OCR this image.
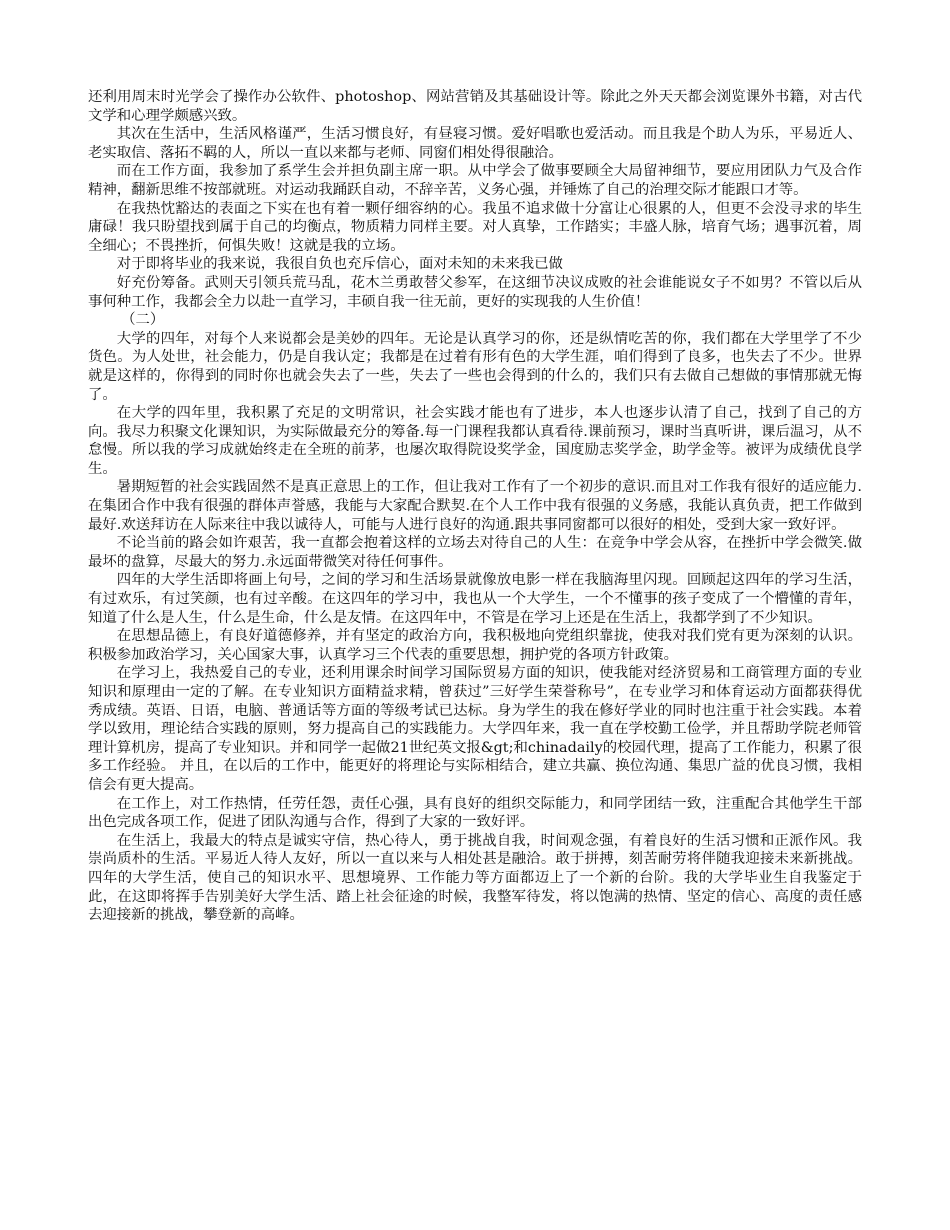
还利用周末时光学会了操作办公软件、photoshop、网站营销及其基础设计等。除此之外天天都会浏览课外书籍，对古代文学和心理学颇感兴致。

其次在生活中，生活风格谨严，生活习惯良好，有昼寝习惯。爱好唱歌也爱活动。而且我是个助人为乐，平易近人、老实取信、落拓不羁的人，所以一直以来都与老师、同窗们相处得很融洽。

而在工作方面，我参加了系学生会并担负副主席一职。从中学会了做事要顾全大局留神细节，要应用团队力气及合作精神，翻新思维不按部就班。对运动我踊跃自动，不辞辛苦，义务心强，并锤炼了自己的治理交际才能跟口才等。

在我热忱豁达的表面之下实在也有着一颗仔细容纳的心。我虽不追求做十分富让心很累的人，但更不会没寻求的毕生庸碌！我只盼望找到属于自己的均衡点，物质精力同样主要。对人真挚，工作踏实；丰盛人脉，培育气场；遇事沉着，周全细心；不畏挫折，何惧失败！这就是我的立场。

对于即将毕业的我来说，我很自负也充斥信心，面对未知的未来我已做

好充份筹备。武则天引领兵荒马乱，花木兰勇敢替父参军，在这细节决议成败的社会谁能说女子不如男？不管以后从事何种工作，我都会全力以赴一直学习，丰硕自我一往无前，更好的实现我的人生价值！

（二）

大学的四年，对每个人来说都会是美妙的四年。无论是认真学习的你，还是纵情吃苦的你，我们都在大学里学了不少货色。为人处世，社会能力，仍是自我认定；我都是在过着有形有色的大学生涯，咱们得到了良多，也失去了不少。世界就是这样的，你得到的同时你也就会失去了一些，失去了一些也会得到的什么的，我们只有去做自己想做的事情那就无悔了。

在大学的四年里，我积累了充足的文明常识，社会实践才能也有了进步，本人也逐步认清了自己，找到了自己的方向。我尽力积聚文化课知识，为实际做最充分的筹备.每一门课程我都认真看待.课前预习，课时当真听讲，课后温习，从不怠慢。所以我的学习成就始终走在全班的前茅，也屡次取得院设奖学金，国度励志奖学金，助学金等。被评为成绩优良学生。

暑期短暂的社会实践固然不是真正意思上的工作，但让我对工作有了一个初步的意识.而且对工作我有很好的适应能力.在集团合作中我有很强的群体声誉感，我能与大家配合默契.在个人工作中我有很强的义务感，我能认真负责，把工作做到最好.欢送拜访在人际来往中我以诚待人，可能与人进行良好的沟通.跟共事同窗都可以很好的相处，受到大家一致好评。

不论当前的路会如许艰苦，我一直都会抱着这样的立场去对待自己的人生：在竞争中学会从容，在挫折中学会微笑.做最坏的盘算，尽最大的努力.永远面带微笑对待任何事件。

四年的大学生活即将画上句号，之间的学习和生活场景就像放电影一样在我脑海里闪现。回顾起这四年的学习生活，有过欢乐，有过笑颜，也有过辛酸。在这四年的学习中，我也从一个大学生，一个不懂事的孩子变成了一个懵懂的青年，知道了什么是人生，什么是生命，什么是友情。在这四年中，不管是在学习上还是在生活上，我都学到了不少知识。

在思想品德上，有良好道德修养，并有坚定的政治方向，我积极地向党组织靠拢，使我对我们党有更为深刻的认识。积极参加政治学习，关心国家大事，认真学习三个代表的重要思想，拥护党的各项方针政策。

在学习上，我热爱自己的专业，还利用课余时间学习国际贸易方面的知识，使我能对经济贸易和工商管理方面的专业知识和原理由一定的了解。在专业知识方面精益求精，曾获过”三好学生荣誉称号”，在专业学习和体育运动方面都获得优秀成绩。英语、日语，电脑、普通话等方面的等级考试已达标。身为学生的我在修好学业的同时也注重于社会实践。本着学以致用，理论结合实践的原则，努力提高自己的实践能力。大学四年来，我一直在学校勤工俭学，并且帮助学院老师管理计算机房，提高了专业知识。并和同学一起做21世纪英文报&gt;和chinadaily的校园代理，提高了工作能力，积累了很多工作经验。 并且，在以后的工作中，能更好的将理论与实际相结合，建立共赢、换位沟通、集思广益的优良习惯，我相信会有更大提高。

在工作上，对工作热情，任劳任怨，责任心强，具有良好的组织交际能力，和同学团结一致，注重配合其他学生干部出色完成各项工作，促进了团队沟通与合作，得到了大家的一致好评。

在生活上，我最大的特点是诚实守信，热心待人，勇于挑战自我，时间观念强，有着良好的生活习惯和正派作风。我崇尚质朴的生活。平易近人待人友好，所以一直以来与人相处甚是融洽。敢于拼搏，刻苦耐劳将伴随我迎接未来新挑战。 四年的大学生活，使自己的知识水平、思想境界、工作能力等方面都迈上了一个新的台阶。我的大学毕业生自我鉴定于此，在这即将挥手告别美好大学生活、踏上社会征途的时候，我整军待发，将以饱满的热情、坚定的信心、高度的责任感去迎接新的挑战，攀登新的高峰。
